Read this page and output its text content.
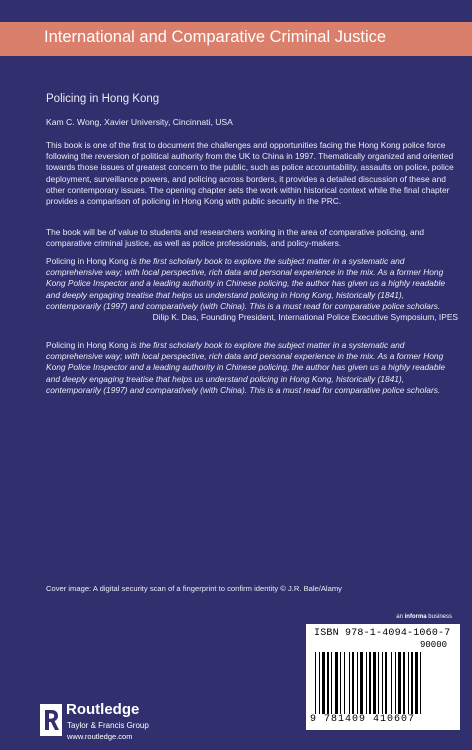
International and Comparative Criminal Justice
Policing in Hong Kong
Kam C. Wong, Xavier University, Cincinnati, USA

This book is one of the first to document the challenges and opportunities facing the Hong Kong police force following the reversion of political authority from the UK to China in 1997. Thematically organized and oriented towards those issues of greatest concern to the public, such as police accountability, assaults on police, police deployment, surveillance powers, and policing across borders, it provides a detailed discussion of these and other contemporary issues. The opening chapter sets the work within historical context while the final chapter provides a comparison of policing in Hong Kong with public security in the PRC.

The book will be of value to students and researchers working in the area of comparative policing, and comparative criminal justice, as well as police professionals, and policy-makers.

Policing in Hong Kong is the first scholarly book to explore the subject matter in a systematic and comprehensive way; with local perspective, rich data and personal experience in the mix. As a former Hong Kong Police Inspector and a leading authority in Chinese policing, the author has given us a highly readable and deeply engaging treatise that helps us understand policing in Hong Kong, historically (1841), contemporarily (1997) and comparatively (with China). This is a must read for comparative police scholars.
Dilip K. Das, Founding President, International Police Executive Symposium, IPES

Policing in Hong Kong is the first scholarly book to explore the subject matter in a systematic and comprehensive way; with local perspective, rich data and personal experience in the mix. As a former Hong Kong Police Inspector and a leading authority in Chinese policing, the author has given us a highly readable and deeply engaging treatise that helps us understand policing in Hong Kong, historically (1841), contemporarily (1997) and comparatively (with China). This is a must read for comparative police scholars.

Cover image: A digital security scan of a fingerprint to confirm identity © J.R. Bale/Alamy
an informa business
ISBN 978-1-4094-1060-7
90000
9 781409 410607
Routledge
Taylor & Francis Group
www.routledge.com
